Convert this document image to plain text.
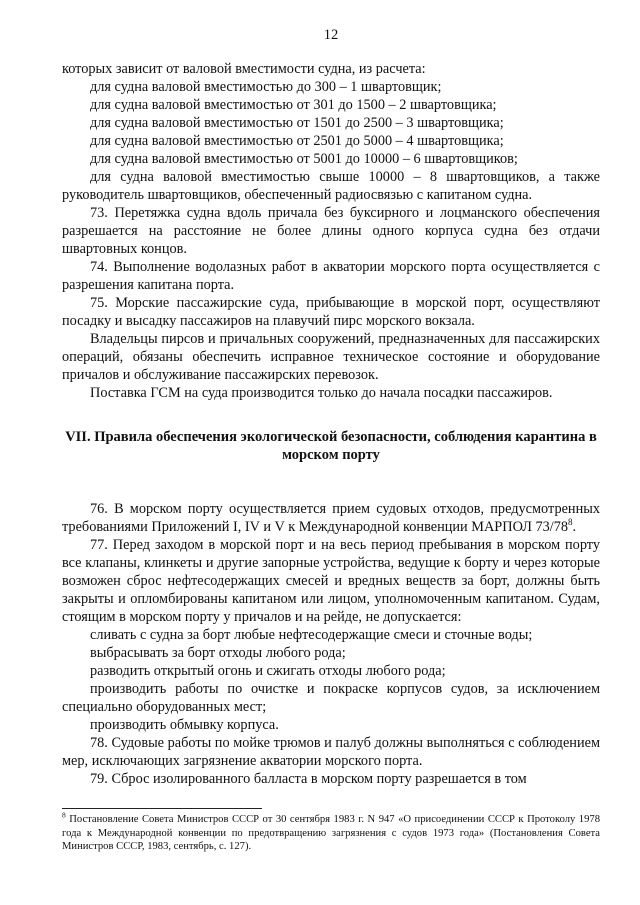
12

которых зависит от валовой вместимости судна, из расчета:

для судна валовой вместимостью до 300 – 1 швартовщик;

для судна валовой вместимостью от 301 до 1500 – 2 швартовщика;

для судна валовой вместимостью от 1501 до 2500 – 3 швартовщика;

для судна валовой вместимостью от 2501 до 5000 – 4 швартовщика;

для судна валовой вместимостью от 5001 до 10000 – 6 швартовщиков;

для судна валовой вместимостью свыше 10000 – 8 швартовщиков, а также руководитель швартовщиков, обеспеченный радиосвязью с капитаном судна.

73. Перетяжка судна вдоль причала без буксирного и лоцманского обеспечения разрешается на расстояние не более длины одного корпуса судна без отдачи швартовных концов.

74. Выполнение водолазных работ в акватории морского порта осуществляется с разрешения капитана порта.

75. Морские пассажирские суда, прибывающие в морской порт, осуществляют посадку и высадку пассажиров на плавучий пирс морского вокзала.

Владельцы пирсов и причальных сооружений, предназначенных для пассажирских операций, обязаны обеспечить исправное техническое состояние и оборудование причалов и обслуживание пассажирских перевозок.

Поставка ГСМ на суда производится только до начала посадки пассажиров.

VII. Правила обеспечения экологической безопасности, соблюдения карантина в морском порту

76. В морском порту осуществляется прием судовых отходов, предусмотренных требованиями Приложений I, IV и V к Международной конвенции МАРПОЛ $73/78^8$.

77. Перед заходом в морской порт и на весь период пребывания в морском порту все клапаны, клинкеты и другие запорные устройства, ведущие к борту и через которые возможен сброс нефтесодержащих смесей и вредных веществ за борт, должны быть закрыты и опломбированы капитаном или лицом, уполномоченным капитаном. Судам, стоящим в морском порту у причалов и на рейде, не допускается:

сливать с судна за борт любые нефтесодержащие смеси и сточные воды;

выбрасывать за борт отходы любого рода;

разводить открытый огонь и сжигать отходы любого рода;

производить работы по очистке и покраске корпусов судов, за исключением специально оборудованных мест;

производить обмывку корпуса.

78. Судовые работы по мойке трюмов и палуб должны выполняться с соблюдением мер, исключающих загрязнение акватории морского порта.

79. Сброс изолированного балласта в морском порту разрешается в том

$^8$ Постановление Совета Министров СССР от 30 сентября 1983 г. N 947 «О присоединении СССР к Протоколу 1978 года к Международной конвенции по предотвращению загрязнения с судов 1973 года» (Постановления Совета Министров СССР, 1983, сентябрь, с. 127).
